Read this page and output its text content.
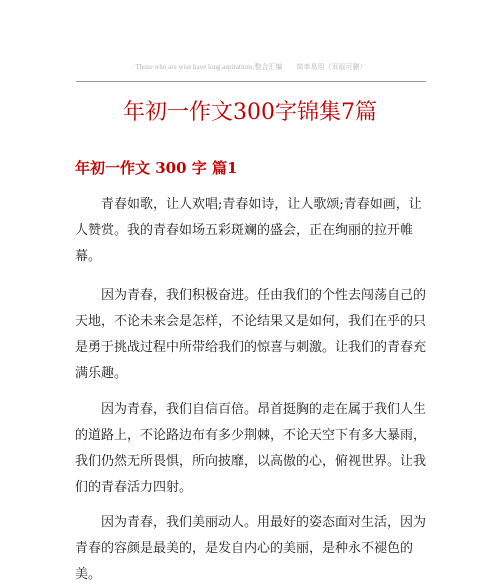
Those who are wise have long aspirations;整合汇编　　简单易用（页眉可删）
年初一作文300字锦集7篇
年初一作文 300 字 篇1

青春如歌，让人欢唱;青春如诗，让人歌颂;青春如画，让人赞赏。我的青春如场五彩斑斓的盛会，正在绚丽的拉开帷幕。

因为青春，我们积极奋进。任由我们的个性去闯荡自己的天地，不论未来会是怎样，不论结果又是如何，我们在乎的只是勇于挑战过程中所带给我们的惊喜与刺激。让我们的青春充满乐趣。

因为青春，我们自信百倍。昂首挺胸的走在属于我们人生的道路上，不论路边布有多少荆棘，不论天空下有多大暴雨，我们仍然无所畏惧，所向披靡，以高傲的心，俯视世界。让我们的青春活力四射。

因为青春，我们美丽动人。用最好的姿态面对生活，因为青春的容颜是最美的，是发自内心的美丽，是种永不褪色的美。
